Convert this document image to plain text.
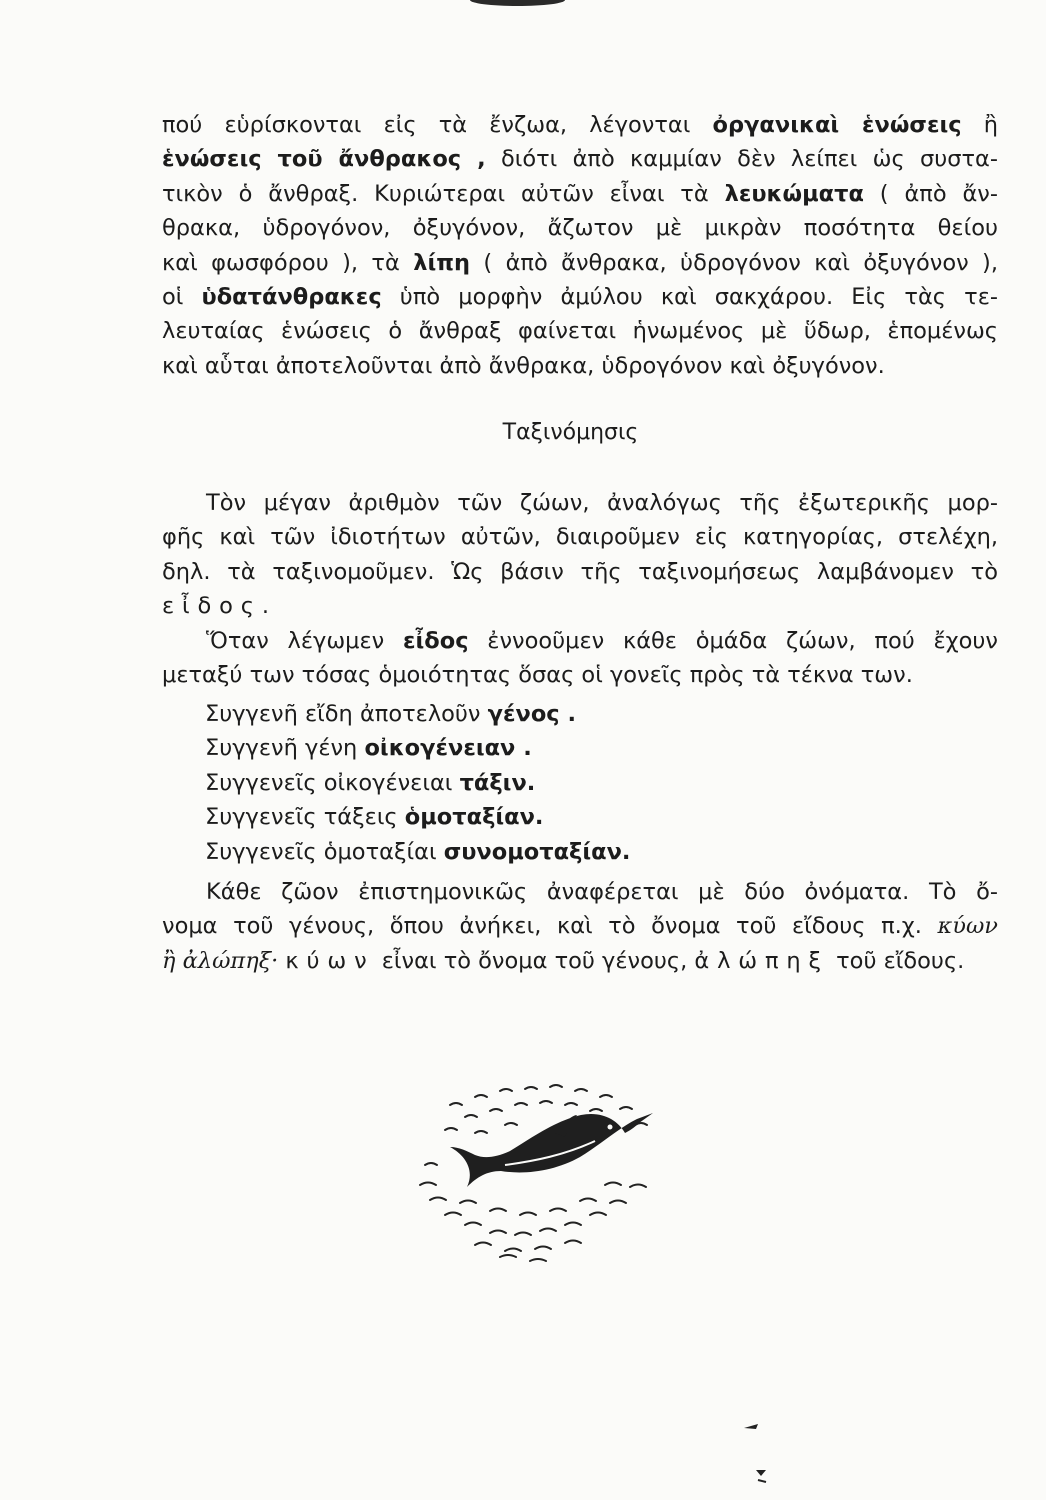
πού εὑρίσκονται εἰς τὰ ἔνζωα, λέγονται ὀργανικαὶ ἑνώσεις ἢ
ἑνώσεις τοῦ ἄνθρακος , διότι ἀπὸ καμμίαν δὲν λείπει ὡς συστα-
τικὸν ὁ ἄνθραξ. Κυριώτεραι αὐτῶν εἶναι τὰ λευκώματα ( ἀπὸ ἄν-
θρακα, ὑδρογόνον, ὀξυγόνον, ἄζωτον μὲ μικρὰν ποσότητα θείου
καὶ φωσφόρου ), τὰ λίπη ( ἀπὸ ἄνθρακα, ὑδρογόνον καὶ ὀξυγόνον ),
οἱ ὑδατάνθρακες ὑπὸ μορφὴν ἀμύλου καὶ σακχάρου. Εἰς τὰς τε-
λευταίας ἑνώσεις ὁ ἄνθραξ φαίνεται ἡνωμένος μὲ ὕδωρ, ἑπομένως
καὶ αὗται ἀποτελοῦνται ἀπὸ ἄνθρακα, ὑδρογόνον καὶ ὀξυγόνον.
Ταξινόμησις
Τὸν μέγαν ἀριθμὸν τῶν ζώων, ἀναλόγως τῆς ἐξωτερικῆς μορ-
φῆς καὶ τῶν ἰδιοτήτων αὐτῶν, διαιροῦμεν εἰς κατηγορίας, στελέχη,
δηλ. τὰ ταξινομοῦμεν. Ὡς βάσιν τῆς ταξινομήσεως λαμβάνομεν τὸ
εἶδος.
Ὅταν λέγωμεν εἶδος ἐννοοῦμεν κάθε ὁμάδα ζώων, πού ἔχουν
μεταξύ των τόσας ὁμοιότητας ὅσας οἱ γονεῖς πρὸς τὰ τέκνα των.
Συγγενῆ εἴδη ἀποτελοῦν γένος .
Συγγενῆ γένη οἰκογένειαν .
Συγγενεῖς οἰκογένειαι τάξιν.
Συγγενεῖς τάξεις ὁμοταξίαν.
Συγγενεῖς ὁμοταξίαι συνομοταξίαν.
Κάθε ζῶον ἐπιστημονικῶς ἀναφέρεται μὲ δύο ὀνόματα. Τὸ ὄ-
νομα τοῦ γένους, ὅπου ἀνήκει, καὶ τὸ ὄνομα τοῦ εἴδους π.χ. κύων
ἢ ἀλώπηξ· κύων εἶναι τὸ ὄνομα τοῦ γένους, ἀλώπηξ τοῦ εἴδους.
